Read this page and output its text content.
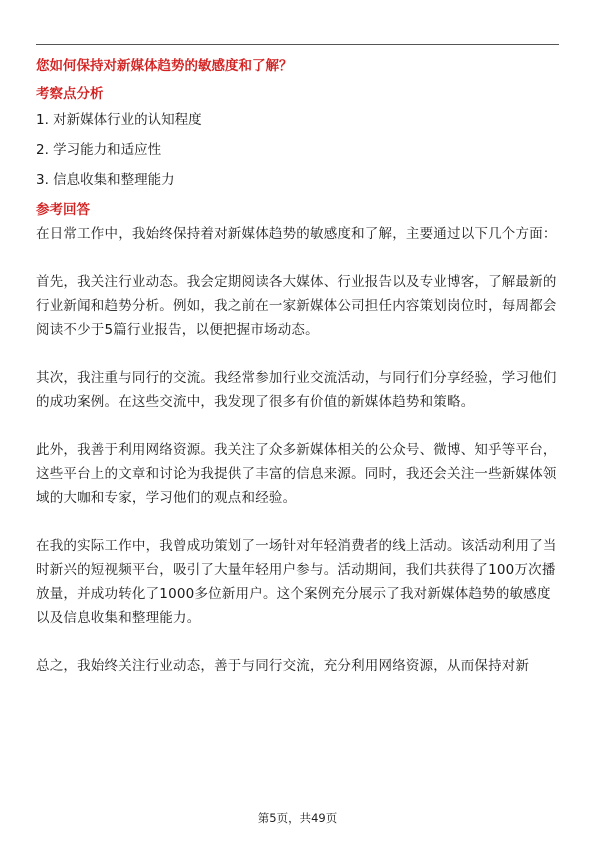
您如何保持对新媒体趋势的敏感度和了解？

考察点分析

1. 对新媒体行业的认知程度

2. 学习能力和适应性

3. 信息收集和整理能力

参考回答

在日常工作中，我始终保持着对新媒体趋势的敏感度和了解，主要通过以下几个方面：

首先，我关注行业动态。我会定期阅读各大媒体、行业报告以及专业博客，了解最新的行业新闻和趋势分析。例如，我之前在一家新媒体公司担任内容策划岗位时，每周都会阅读不少于5篇行业报告，以便把握市场动态。

其次，我注重与同行的交流。我经常参加行业交流活动，与同行们分享经验，学习他们的成功案例。在这些交流中，我发现了很多有价值的新媒体趋势和策略。

此外，我善于利用网络资源。我关注了众多新媒体相关的公众号、微博、知乎等平台，这些平台上的文章和讨论为我提供了丰富的信息来源。同时，我还会关注一些新媒体领域的大咖和专家，学习他们的观点和经验。

在我的实际工作中，我曾成功策划了一场针对年轻消费者的线上活动。该活动利用了当时新兴的短视频平台，吸引了大量年轻用户参与。活动期间，我们共获得了100万次播放量，并成功转化了1000多位新用户。这个案例充分展示了我对新媒体趋势的敏感度以及信息收集和整理能力。

总之，我始终关注行业动态，善于与同行交流，充分利用网络资源，从而保持对新

第5页，共49页
